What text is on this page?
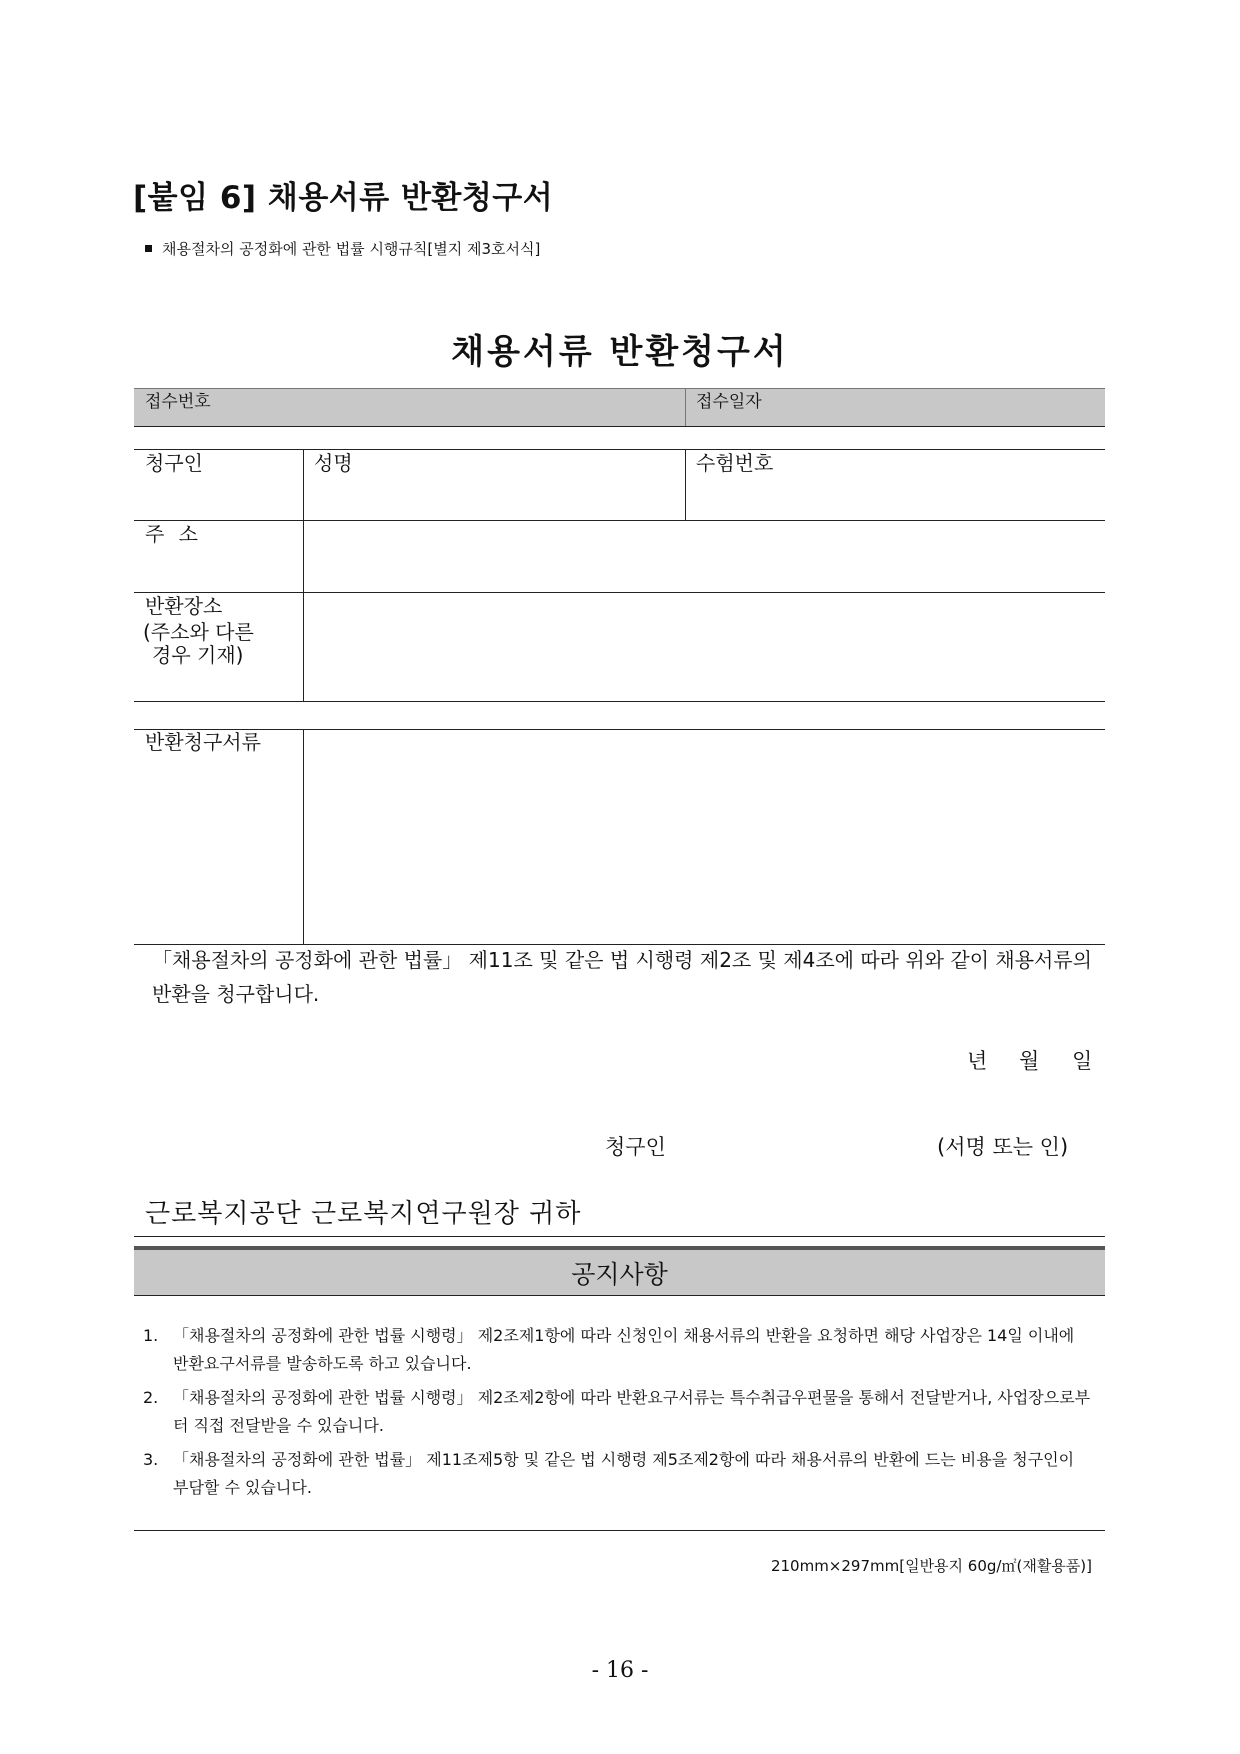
[붙임 6] 채용서류 반환청구서
채용절차의 공정화에 관한 법률 시행규칙[별지 제3호서식]
채용서류 반환청구서
접수번호	접수일자
청구인	성명	수험번호
주 소
반환장소
(주소와 다른
경우 기재)
반환청구서류
「채용절차의 공정화에 관한 법률」 제11조 및 같은 법 시행령 제2조 및 제4조에 따라 위와 같이 채용서류의 반환을 청구합니다.
년 월 일
청구인	(서명 또는 인)
근로복지공단 근로복지연구원장 귀하
공지사항
1. 「채용절차의 공정화에 관한 법률 시행령」 제2조제1항에 따라 신청인이 채용서류의 반환을 요청하면 해당 사업장은 14일 이내에 반환요구서류를 발송하도록 하고 있습니다.
2. 「채용절차의 공정화에 관한 법률 시행령」 제2조제2항에 따라 반환요구서류는 특수취급우편물을 통해서 전달받거나, 사업장으로부터 직접 전달받을 수 있습니다.
3. 「채용절차의 공정화에 관한 법률」 제11조제5항 및 같은 법 시행령 제5조제2항에 따라 채용서류의 반환에 드는 비용을 청구인이 부담할 수 있습니다.
210mm×297mm[일반용지 60g/㎡(재활용품)]
- 16 -
